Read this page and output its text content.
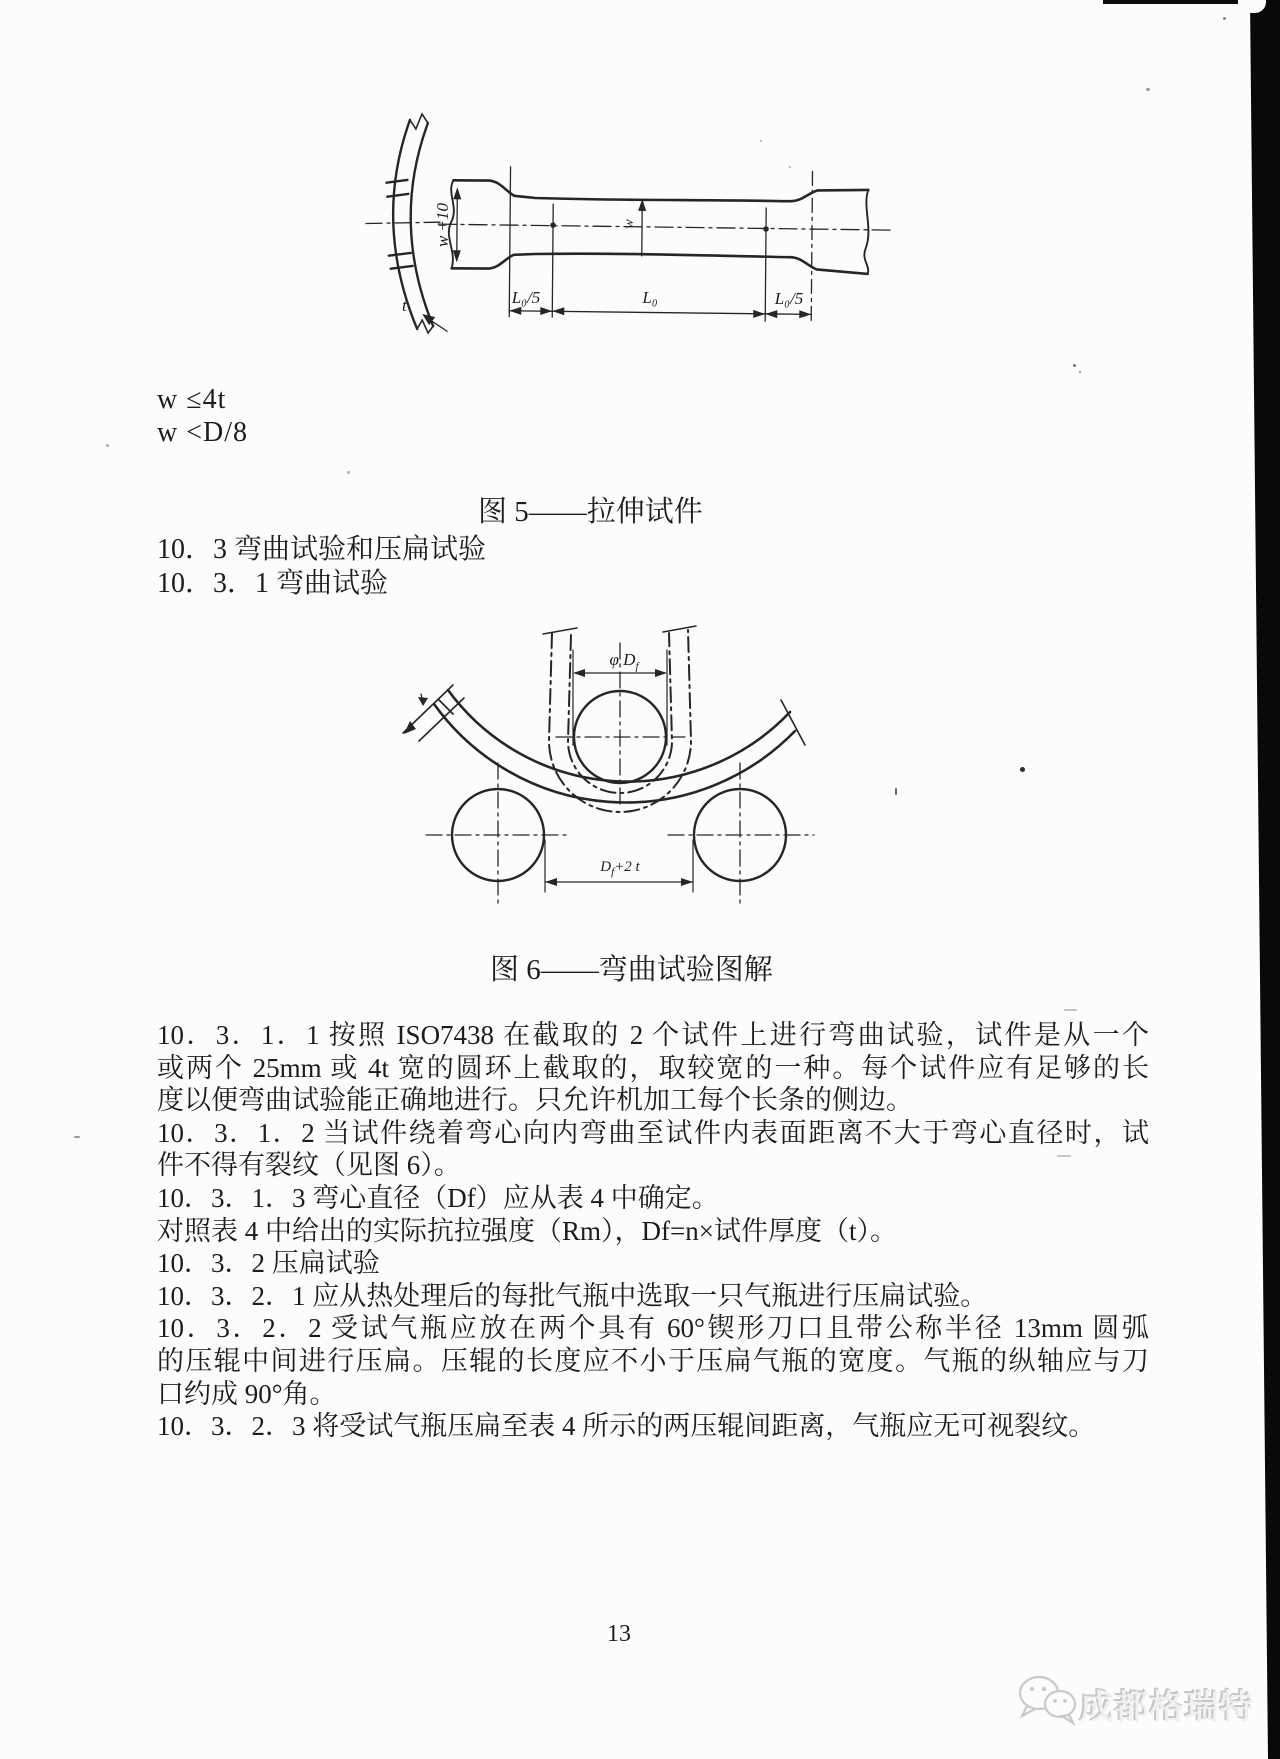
w +10	w
t	L₀/5	L₀	L₀/5
w ≤4t
w <D/8
图 5——拉伸试件
10．3 弯曲试验和压扁试验
10．3．1 弯曲试验
φ $D_f$
$D_f+2$ t
图 6——弯曲试验图解
10．3．1．1 按照 ISO7438 在截取的 2 个试件上进行弯曲试验，试件是从一个
或两个 25mm 或 4t 宽的圆环上截取的，取较宽的一种。每个试件应有足够的长
度以便弯曲试验能正确地进行。只允许机加工每个长条的侧边。
10．3．1．2 当试件绕着弯心向内弯曲至试件内表面距离不大于弯心直径时，试
件不得有裂纹（见图 6）。
10．3．1．3 弯心直径（Df）应从表 4 中确定。
对照表 4 中给出的实际抗拉强度（Rm），Df=n×试件厚度（t）。
10．3．2 压扁试验
10．3．2．1 应从热处理后的每批气瓶中选取一只气瓶进行压扁试验。
10．3．2．2 受试气瓶应放在两个具有 60°锲形刀口且带公称半径 13mm 圆弧
的压辊中间进行压扁。压辊的长度应不小于压扁气瓶的宽度。气瓶的纵轴应与刀
口约成 90°角。
10．3．2．3 将受试气瓶压扁至表 4 所示的两压辊间距离，气瓶应无可视裂纹。
13
成都格瑞特
